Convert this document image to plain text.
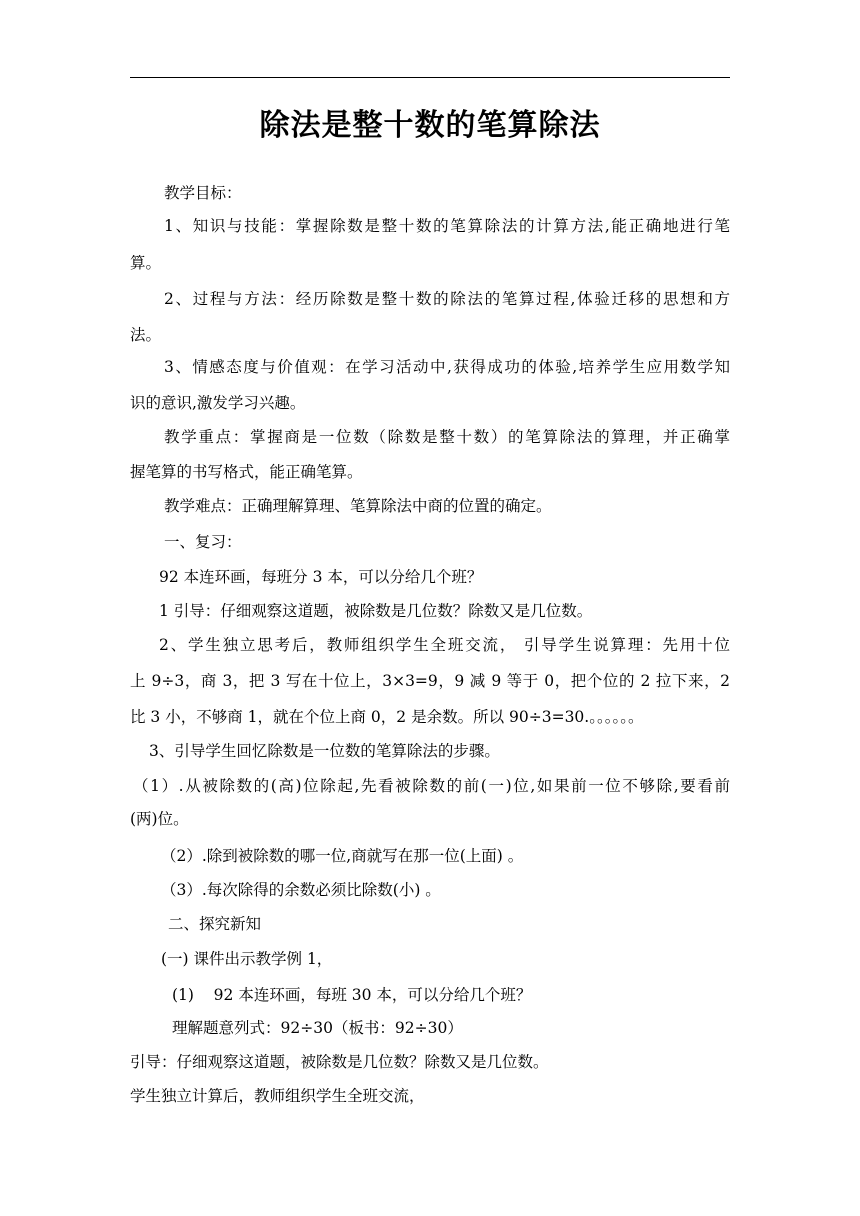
除法是整十数的笔算除法
教学目标：
1、知识与技能：掌握除数是整十数的笔算除法的计算方法,能正确地进行笔
算。
2、过程与方法：经历除数是整十数的除法的笔算过程,体验迁移的思想和方
法。
3、情感态度与价值观：在学习活动中,获得成功的体验,培养学生应用数学知
识的意识,激发学习兴趣。
教学重点：掌握商是一位数（除数是整十数）的笔算除法的算理，并正确掌
握笔算的书写格式，能正确笔算。
教学难点：正确理解算理、笔算除法中商的位置的确定。
一、复习：
92 本连环画，每班分 3 本，可以分给几个班？
1 引导：仔细观察这道题，被除数是几位数？除数又是几位数。
2、学生独立思考后，教师组织学生全班交流， 引导学生说算理：先用十位
上 9÷3，商 3，把 3 写在十位上，3×3=9，9 减 9 等于 0，把个位的 2 拉下来，2
比 3 小，不够商 1，就在个位上商 0，2 是余数。所以 90÷3=30.。。。。。。
3、引导学生回忆除数是一位数的笔算除法的步骤。
（1）.从被除数的(高)位除起,先看被除数的前(一)位,如果前一位不够除,要看前
(两)位。
（2）.除到被除数的哪一位,商就写在那一位(上面) 。
（3）.每次除得的余数必须比除数(小) 。
二、探究新知
(一) 课件出示教学例 1，
(1)    92 本连环画，每班 30 本，可以分给几个班？
理解题意列式：92÷30（板书：92÷30）
引导：仔细观察这道题，被除数是几位数？除数又是几位数。
学生独立计算后，教师组织学生全班交流，
